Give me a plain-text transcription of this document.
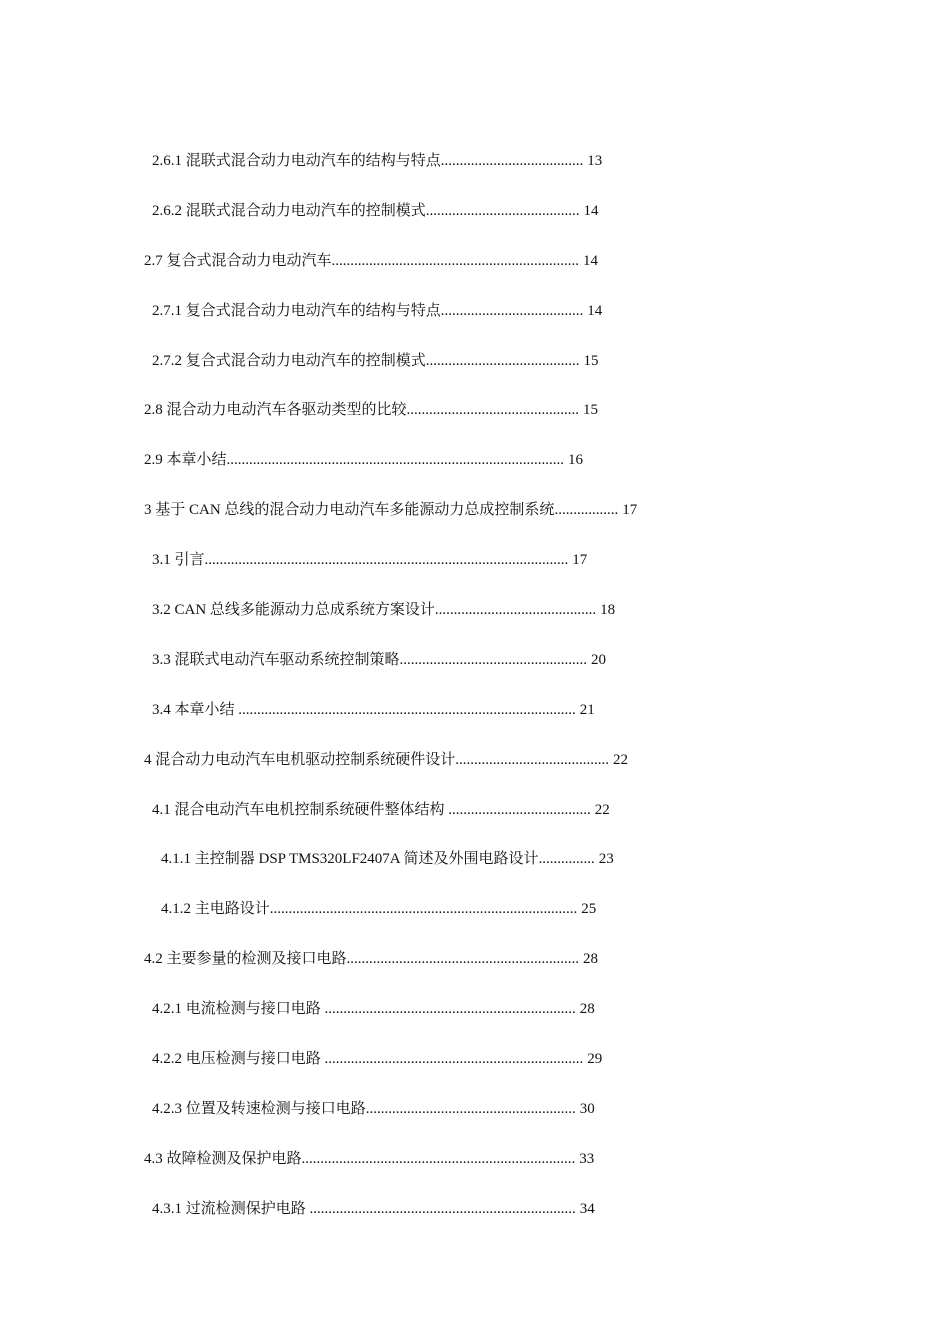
2.6.1 混联式混合动力电动汽车的结构与特点...................................... 13
2.6.2 混联式混合动力电动汽车的控制模式......................................... 14
2.7 复合式混合动力电动汽车.................................................................. 14
2.7.1 复合式混合动力电动汽车的结构与特点...................................... 14
2.7.2 复合式混合动力电动汽车的控制模式......................................... 15
2.8 混合动力电动汽车各驱动类型的比较.............................................. 15
2.9 本章小结.......................................................................................... 16
3 基于 CAN 总线的混合动力电动汽车多能源动力总成控制系统................. 17
3.1 引言................................................................................................. 17
3.2 CAN 总线多能源动力总成系统方案设计........................................... 18
3.3 混联式电动汽车驱动系统控制策略.................................................. 20
3.4 本章小结 .......................................................................................... 21
4 混合动力电动汽车电机驱动控制系统硬件设计......................................... 22
4.1 混合电动汽车电机控制系统硬件整体结构 ...................................... 22
4.1.1 主控制器 DSP TMS320LF2407A 简述及外围电路设计............... 23
4.1.2 主电路设计.................................................................................. 25
4.2 主要参量的检测及接口电路.............................................................. 28
4.2.1 电流检测与接口电路 ................................................................... 28
4.2.2 电压检测与接口电路 ..................................................................... 29
4.2.3 位置及转速检测与接口电路........................................................ 30
4.3 故障检测及保护电路......................................................................... 33
4.3.1 过流检测保护电路 ....................................................................... 34
